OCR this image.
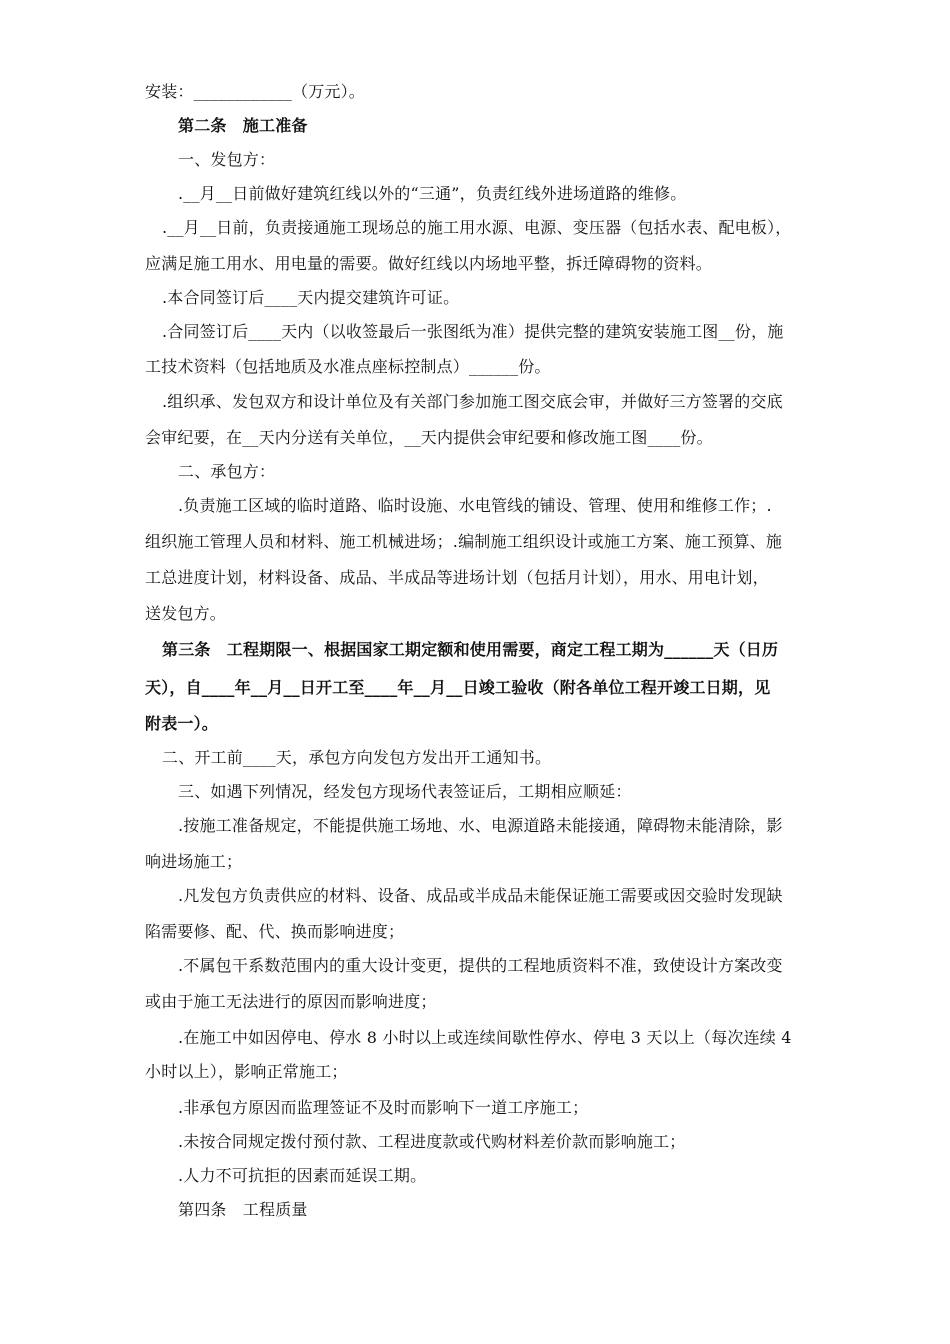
安装：____________（万元）。
第二条　施工准备
一、发包方：
.__月__日前做好建筑红线以外的“三通”，负责红线外进场道路的维修。
.__月__日前，负责接通施工现场总的施工用水源、电源、变压器（包括水表、配电板），
应满足施工用水、用电量的需要。做好红线以内场地平整，拆迁障碍物的资料。
.本合同签订后____天内提交建筑许可证。
.合同签订后____天内（以收签最后一张图纸为准）提供完整的建筑安装施工图__份，施
工技术资料（包括地质及水准点座标控制点）______份。
.组织承、发包双方和设计单位及有关部门参加施工图交底会审，并做好三方签署的交底
会审纪要，在__天内分送有关单位，__天内提供会审纪要和修改施工图____份。
二、承包方：
.负责施工区域的临时道路、临时设施、水电管线的铺设、管理、使用和维修工作；.
组织施工管理人员和材料、施工机械进场；.编制施工组织设计或施工方案、施工预算、施
工总进度计划，材料设备、成品、半成品等进场计划（包括月计划），用水、用电计划，
送发包方。
第三条　工程期限一、根据国家工期定额和使用需要，商定工程工期为______天（日历
天），自____年__月__日开工至____年__月__日竣工验收（附各单位工程开竣工日期，见
附表一）。
二、开工前____天，承包方向发包方发出开工通知书。
三、如遇下列情况，经发包方现场代表签证后，工期相应顺延：
.按施工准备规定，不能提供施工场地、水、电源道路未能接通，障碍物未能清除，影
响进场施工；
.凡发包方负责供应的材料、设备、成品或半成品未能保证施工需要或因交验时发现缺
陷需要修、配、代、换而影响进度；
.不属包干系数范围内的重大设计变更，提供的工程地质资料不准，致使设计方案改变
或由于施工无法进行的原因而影响进度；
.在施工中如因停电、停水 8 小时以上或连续间歇性停水、停电 3 天以上（每次连续 4
小时以上），影响正常施工；
.非承包方原因而监理签证不及时而影响下一道工序施工；
.未按合同规定拨付预付款、工程进度款或代购材料差价款而影响施工；
.人力不可抗拒的因素而延误工期。
第四条　工程质量
